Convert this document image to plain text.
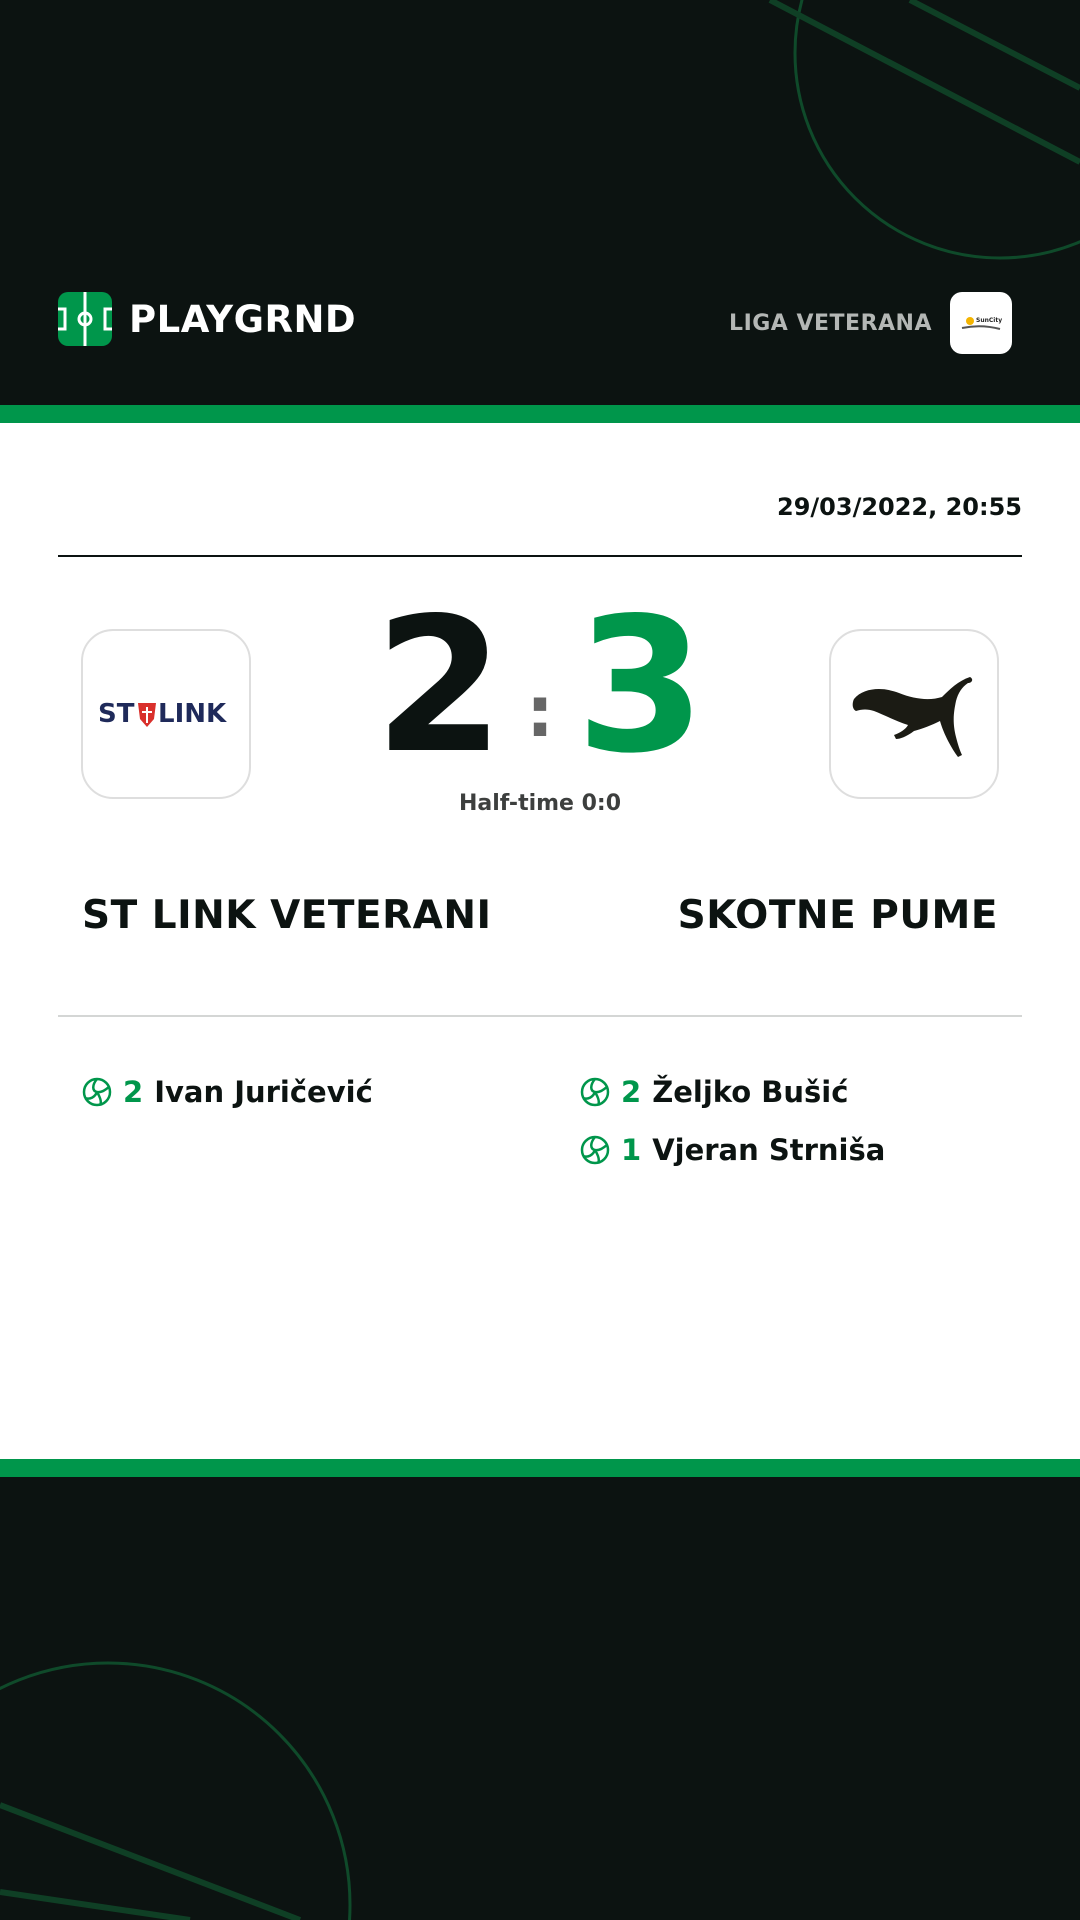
PLAYGRND	LIGA VETERANA	SunCity
29/03/2022, 20:55
ST LINK 2 : 3
Half-time 0:0
ST LINK VETERANI	SKOTNE PUME
2 Ivan Juričević	2 Željko Bušić
1 Vjeran Strniša
